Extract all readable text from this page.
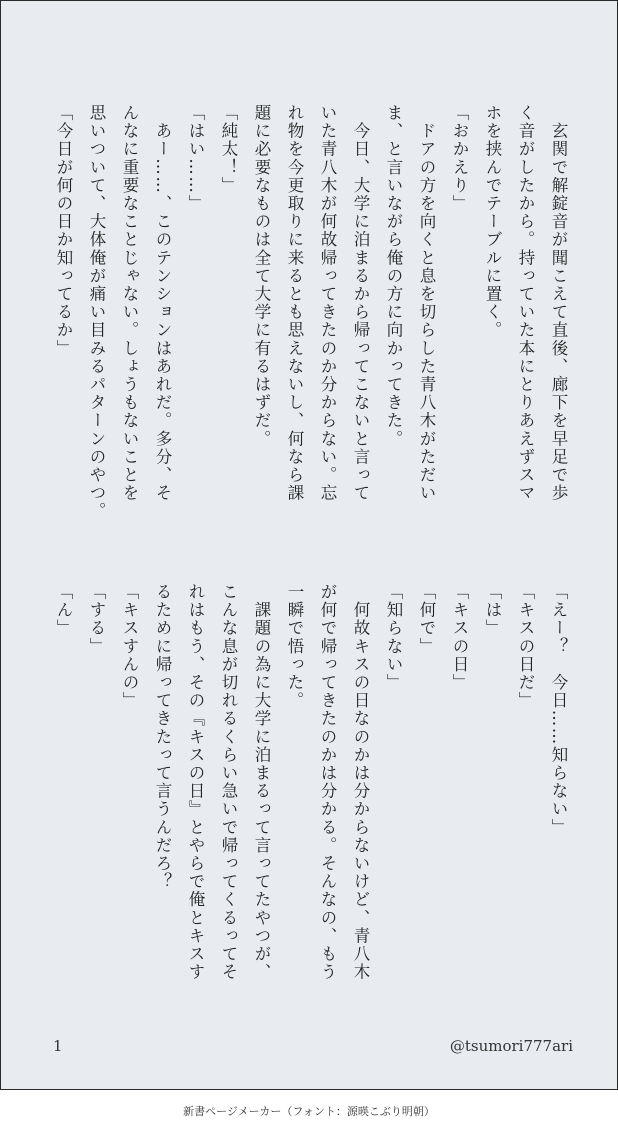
　玄関で解錠音が聞こえて直後、廊下を早足で歩
く音がしたから。持っていた本にとりあえずスマ
ホを挟んでテーブルに置く。
「おかえり」
　ドアの方を向くと息を切らした青八木がただい
ま、と言いながら俺の方に向かってきた。
　今日、大学に泊まるから帰ってこないと言って
いた青八木が何故帰ってきたのか分からない。忘
れ物を今更取りに来るとも思えないし、何なら課
題に必要なものは全て大学に有るはずだ。
「純太！」
「はい……」
　あー……、このテンションはあれだ。多分、そ
んなに重要なことじゃない。しょうもないことを
思いついて、大体俺が痛い目みるパターンのやつ。
「今日が何の日か知ってるか」
「えー？　今日……知らない」
「キスの日だ」
「は」
「キスの日」
「何で」
「知らない」
　何故キスの日なのかは分からないけど、青八木
が何で帰ってきたのかは分かる。そんなの、もう
一瞬で悟った。
　課題の為に大学に泊まるって言ってたやつが、
こんな息が切れるくらい急いで帰ってくるってそ
れはもう、その『キスの日』とやらで俺とキスす
るために帰ってきたって言うんだろ？
「キスすんの」
「する」
「ん」
1	@tsumori777ari
新書ページメーカー（フォント：源暎こぶり明朝）
